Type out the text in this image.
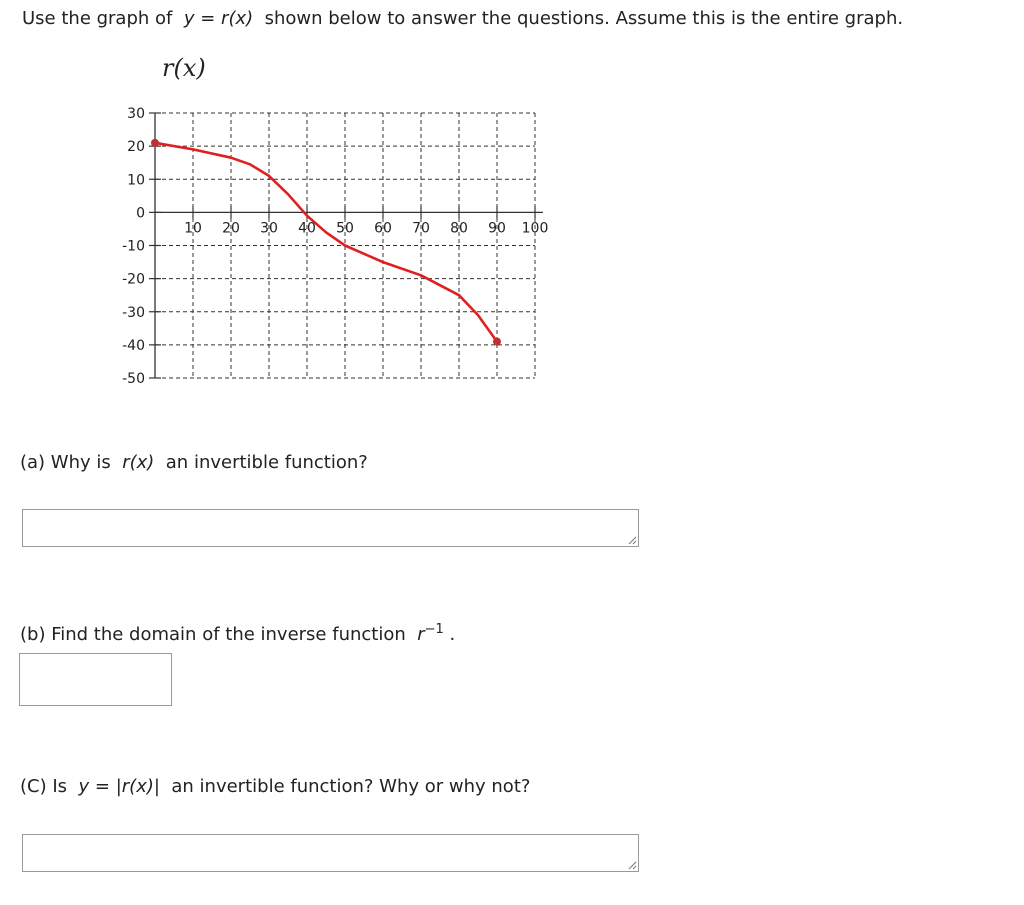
Use the graph of y = r(x) shown below to answer the questions. Assume this is the entire graph.
r(x)
30
20
10
0
-10
-20
-30
-40
-50
10 20 30 40 50 60 70 80 90 100
(a) Why is r(x) an invertible function?
(b) Find the domain of the inverse function $r^{-1}$ .
(C) Is y = |r(x)| an invertible function? Why or why not?
